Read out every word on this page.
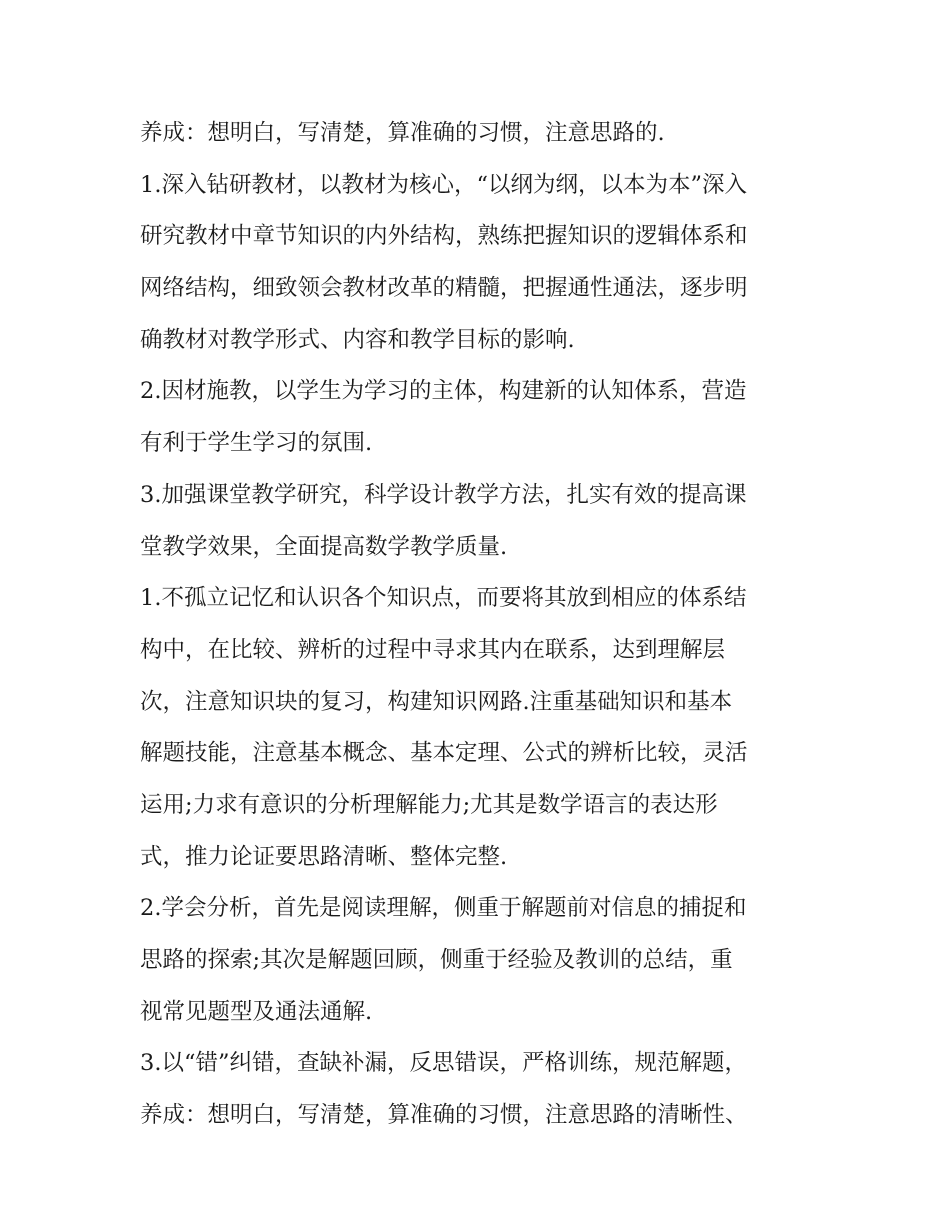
养成：想明白，写清楚，算准确的习惯，注意思路的.
1.深入钻研教材，以教材为核心，“以纲为纲，以本为本”深入
研究教材中章节知识的内外结构，熟练把握知识的逻辑体系和
网络结构，细致领会教材改革的精髓，把握通性通法，逐步明
确教材对教学形式、内容和教学目标的影响.
2.因材施教，以学生为学习的主体，构建新的认知体系，营造
有利于学生学习的氛围.
3.加强课堂教学研究，科学设计教学方法，扎实有效的提高课
堂教学效果，全面提高数学教学质量.
1.不孤立记忆和认识各个知识点，而要将其放到相应的体系结
构中，在比较、辨析的过程中寻求其内在联系，达到理解层
次，注意知识块的复习，构建知识网路.注重基础知识和基本
解题技能，注意基本概念、基本定理、公式的辨析比较，灵活
运用;力求有意识的分析理解能力;尤其是数学语言的表达形
式，推力论证要思路清晰、整体完整.
2.学会分析，首先是阅读理解，侧重于解题前对信息的捕捉和
思路的探索;其次是解题回顾，侧重于经验及教训的总结，重
视常见题型及通法通解.
3.以“错”纠错，查缺补漏，反思错误，严格训练，规范解题，
养成：想明白，写清楚，算准确的习惯，注意思路的清晰性、
